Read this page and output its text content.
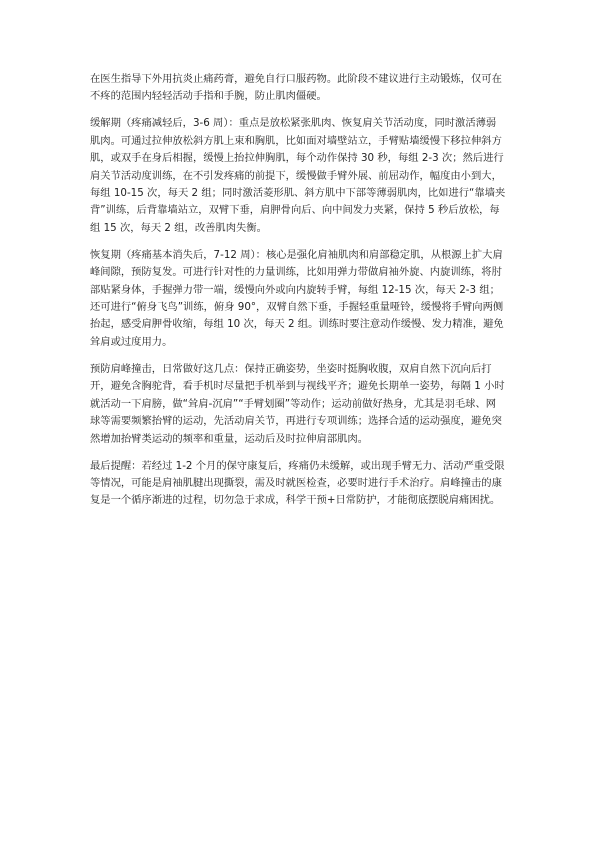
在医生指导下外用抗炎止痛药膏，避免自行口服药物。此阶段不建议进行主动锻炼，仅可在不疼的范围内轻轻活动手指和手腕，防止肌肉僵硬。

缓解期（疼痛减轻后，3-6 周）：重点是放松紧张肌肉、恢复肩关节活动度，同时激活薄弱肌肉。可通过拉伸放松斜方肌上束和胸肌，比如面对墙壁站立，手臂贴墙缓慢下移拉伸斜方肌，或双手在身后相握，缓慢上抬拉伸胸肌，每个动作保持 30 秒，每组 2-3 次；然后进行肩关节活动度训练，在不引发疼痛的前提下，缓慢做手臂外展、前屈动作，幅度由小到大，每组 10-15 次，每天 2 组；同时激活菱形肌、斜方肌中下部等薄弱肌肉，比如进行“靠墙夹背”训练，后背靠墙站立，双臂下垂，肩胛骨向后、向中间发力夹紧，保持 5 秒后放松，每组 15 次，每天 2 组，改善肌肉失衡。

恢复期（疼痛基本消失后，7-12 周）：核心是强化肩袖肌肉和肩部稳定肌，从根源上扩大肩峰间隙，预防复发。可进行针对性的力量训练，比如用弹力带做肩袖外旋、内旋训练，将肘部贴紧身体，手握弹力带一端，缓慢向外或向内旋转手臂，每组 12-15 次，每天 2-3 组；还可进行“俯身飞鸟”训练，俯身 90°，双臂自然下垂，手握轻重量哑铃，缓慢将手臂向两侧抬起，感受肩胛骨收缩，每组 10 次，每天 2 组。训练时要注意动作缓慢、发力精准，避免耸肩或过度用力。

预防肩峰撞击，日常做好这几点：保持正确姿势，坐姿时挺胸收腹，双肩自然下沉向后打开，避免含胸驼背，看手机时尽量把手机举到与视线平齐；避免长期单一姿势，每隔 1 小时就活动一下肩膀，做“耸肩-沉肩”“手臂划圈”等动作；运动前做好热身，尤其是羽毛球、网球等需要频繁抬臂的运动，先活动肩关节，再进行专项训练；选择合适的运动强度，避免突然增加抬臂类运动的频率和重量，运动后及时拉伸肩部肌肉。

最后提醒：若经过 1-2 个月的保守康复后，疼痛仍未缓解，或出现手臂无力、活动严重受限等情况，可能是肩袖肌腱出现撕裂，需及时就医检查，必要时进行手术治疗。肩峰撞击的康复是一个循序渐进的过程，切勿急于求成，科学干预+日常防护，才能彻底摆脱肩痛困扰。
